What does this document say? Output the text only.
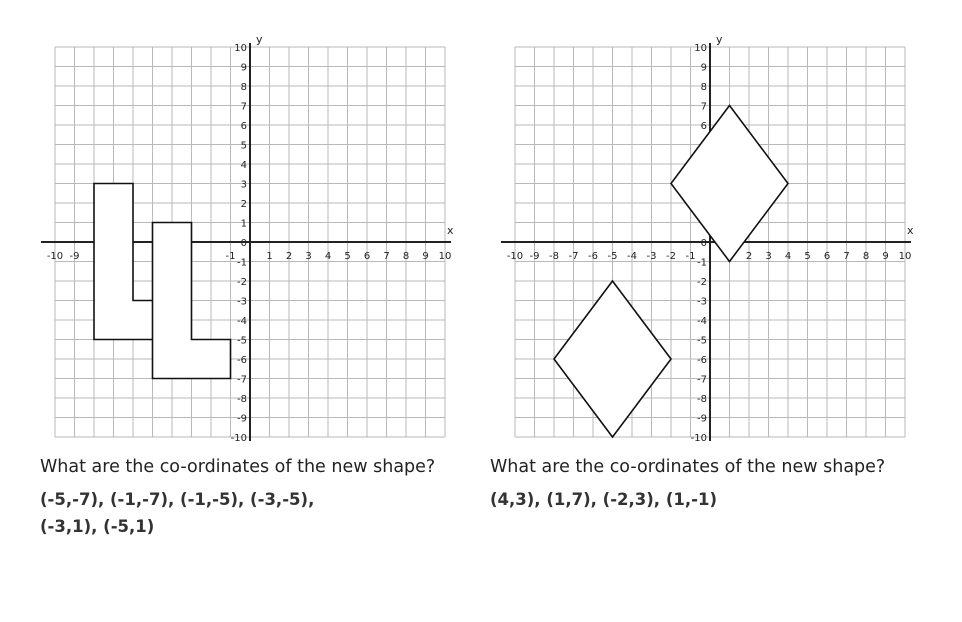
x
y
-10 -9	-1	1 2 3 4 5 6 7 8 9 10
10
9
8
7
6
5
4
3
2
1
0
-1
-2
-3
-4
-5
-6
-7
-8
-9
-10
x
y
-10 -9 -8 -7 -6 -5 -4 -3 -2 -1	2 3 4 5 6 7 8 9 10
10
9
8
7
6
0
-1
-2
-3
-4
-5
-6
-7
-8
-9
-10
What are the co-ordinates of the new shape?
(-5,-7), (-1,-7), (-1,-5), (-3,-5),
(-3,1), (-5,1)
What are the co-ordinates of the new shape?
(4,3), (1,7), (-2,3), (1,-1)
